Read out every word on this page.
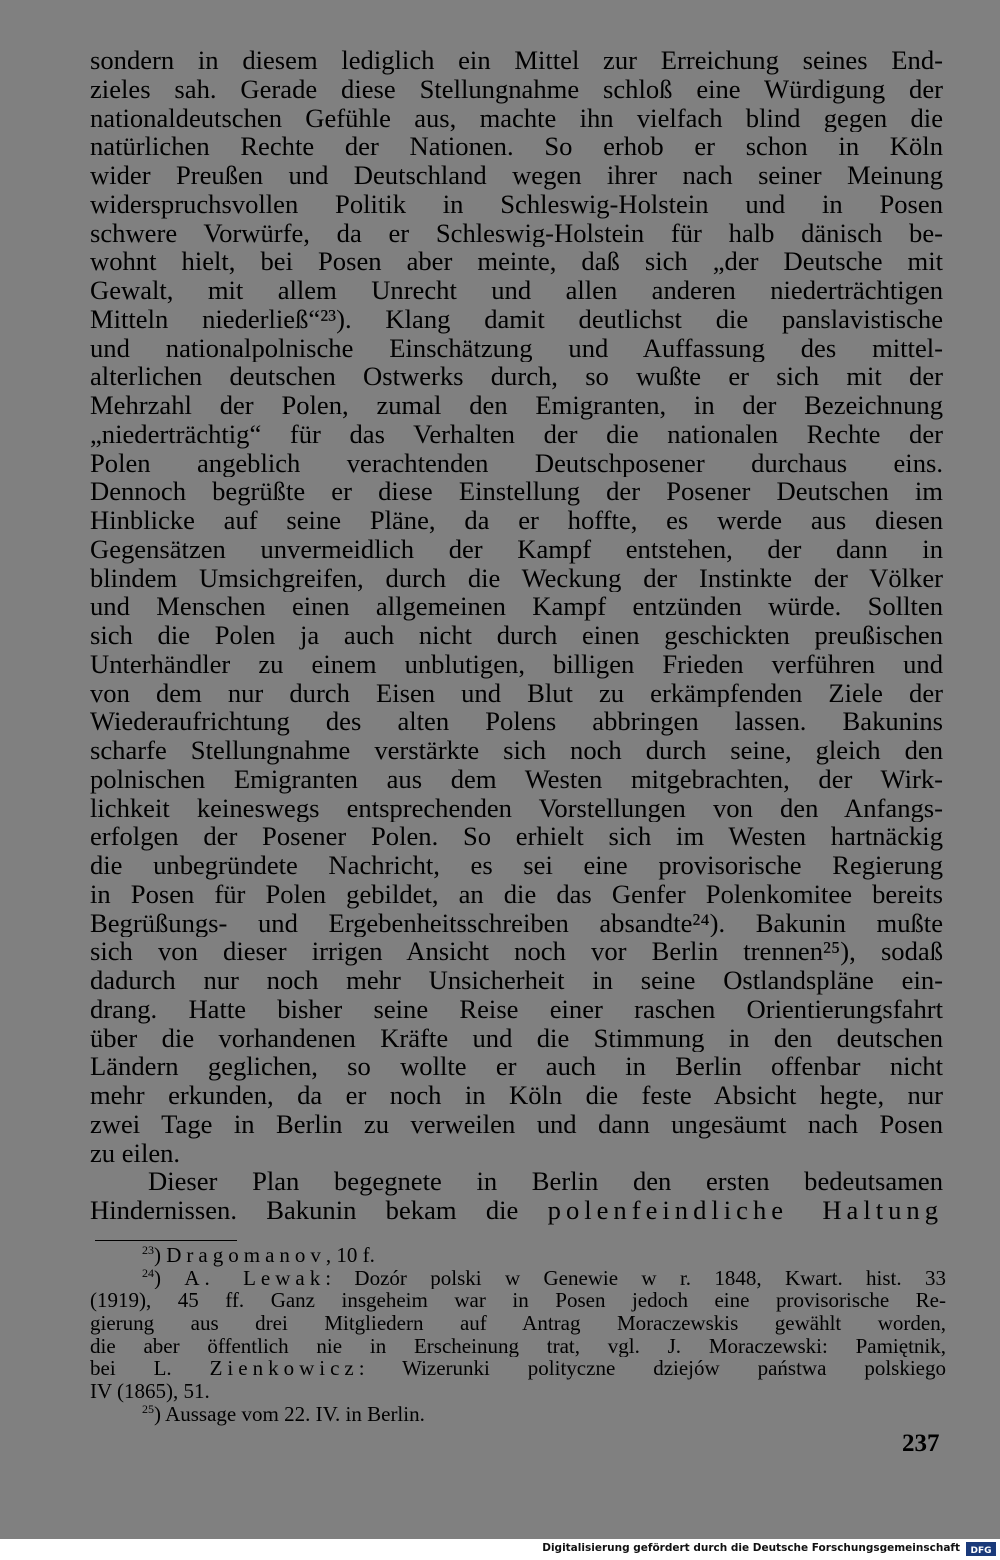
sondern in diesem lediglich ein Mittel zur Erreichung seines End-
zieles sah. Gerade diese Stellungnahme schloß eine Würdigung der
nationaldeutschen Gefühle aus, machte ihn vielfach blind gegen die
natürlichen Rechte der Nationen. So erhob er schon in Köln
wider Preußen und Deutschland wegen ihrer nach seiner Meinung
widerspruchsvollen Politik in Schleswig-Holstein und in Posen
schwere Vorwürfe, da er Schleswig-Holstein für halb dänisch be-
wohnt hielt, bei Posen aber meinte, daß sich „der Deutsche mit
Gewalt, mit allem Unrecht und allen anderen niederträchtigen
Mitteln niederließ“²³). Klang damit deutlichst die panslavistische
und nationalpolnische Einschätzung und Auffassung des mittel-
alterlichen deutschen Ostwerks durch, so wußte er sich mit der
Mehrzahl der Polen, zumal den Emigranten, in der Bezeichnung
„niederträchtig“ für das Verhalten der die nationalen Rechte der
Polen angeblich verachtenden Deutschposener durchaus eins.
Dennoch begrüßte er diese Einstellung der Posener Deutschen im
Hinblicke auf seine Pläne, da er hoffte, es werde aus diesen
Gegensätzen unvermeidlich der Kampf entstehen, der dann in
blindem Umsichgreifen, durch die Weckung der Instinkte der Völker
und Menschen einen allgemeinen Kampf entzünden würde. Sollten
sich die Polen ja auch nicht durch einen geschickten preußischen
Unterhändler zu einem unblutigen, billigen Frieden verführen und
von dem nur durch Eisen und Blut zu erkämpfenden Ziele der
Wiederaufrichtung des alten Polens abbringen lassen. Bakunins
scharfe Stellungnahme verstärkte sich noch durch seine, gleich den
polnischen Emigranten aus dem Westen mitgebrachten, der Wirk-
lichkeit keineswegs entsprechenden Vorstellungen von den Anfangs-
erfolgen der Posener Polen. So erhielt sich im Westen hartnäckig
die unbegründete Nachricht, es sei eine provisorische Regierung
in Posen für Polen gebildet, an die das Genfer Polenkomitee bereits
Begrüßungs- und Ergebenheitsschreiben absandte²⁴). Bakunin mußte
sich von dieser irrigen Ansicht noch vor Berlin trennen²⁵), sodaß
dadurch nur noch mehr Unsicherheit in seine Ostlandspläne ein-
drang. Hatte bisher seine Reise einer raschen Orientierungsfahrt
über die vorhandenen Kräfte und die Stimmung in den deutschen
Ländern geglichen, so wollte er auch in Berlin offenbar nicht
mehr erkunden, da er noch in Köln die feste Absicht hegte, nur
zwei Tage in Berlin zu verweilen und dann ungesäumt nach Posen
zu eilen.

Dieser Plan begegnete in Berlin den ersten bedeutsamen
Hindernissen. Bakunin bekam die polenfeindliche Haltung

$^{23}$) Dragomanov, 10 f.
$^{24}$) A. Lewak: Dozór polski w Genewie w r. 1848, Kwart. hist. 33
(1919), 45 ff. Ganz insgeheim war in Posen jedoch eine provisorische Re-
gierung aus drei Mitgliedern auf Antrag Moraczewskis gewählt worden,
die aber öffentlich nie in Erscheinung trat, vgl. J. Moraczewski: Pamiętnik,
bei L. Zienkowicz: Wizerunki polityczne dziejów państwa polskiego
IV (1865), 51.
$^{25}$) Aussage vom 22. IV. in Berlin.
237
Digitalisierung gefördert durch die Deutsche Forschungsgemeinschaft DFG
